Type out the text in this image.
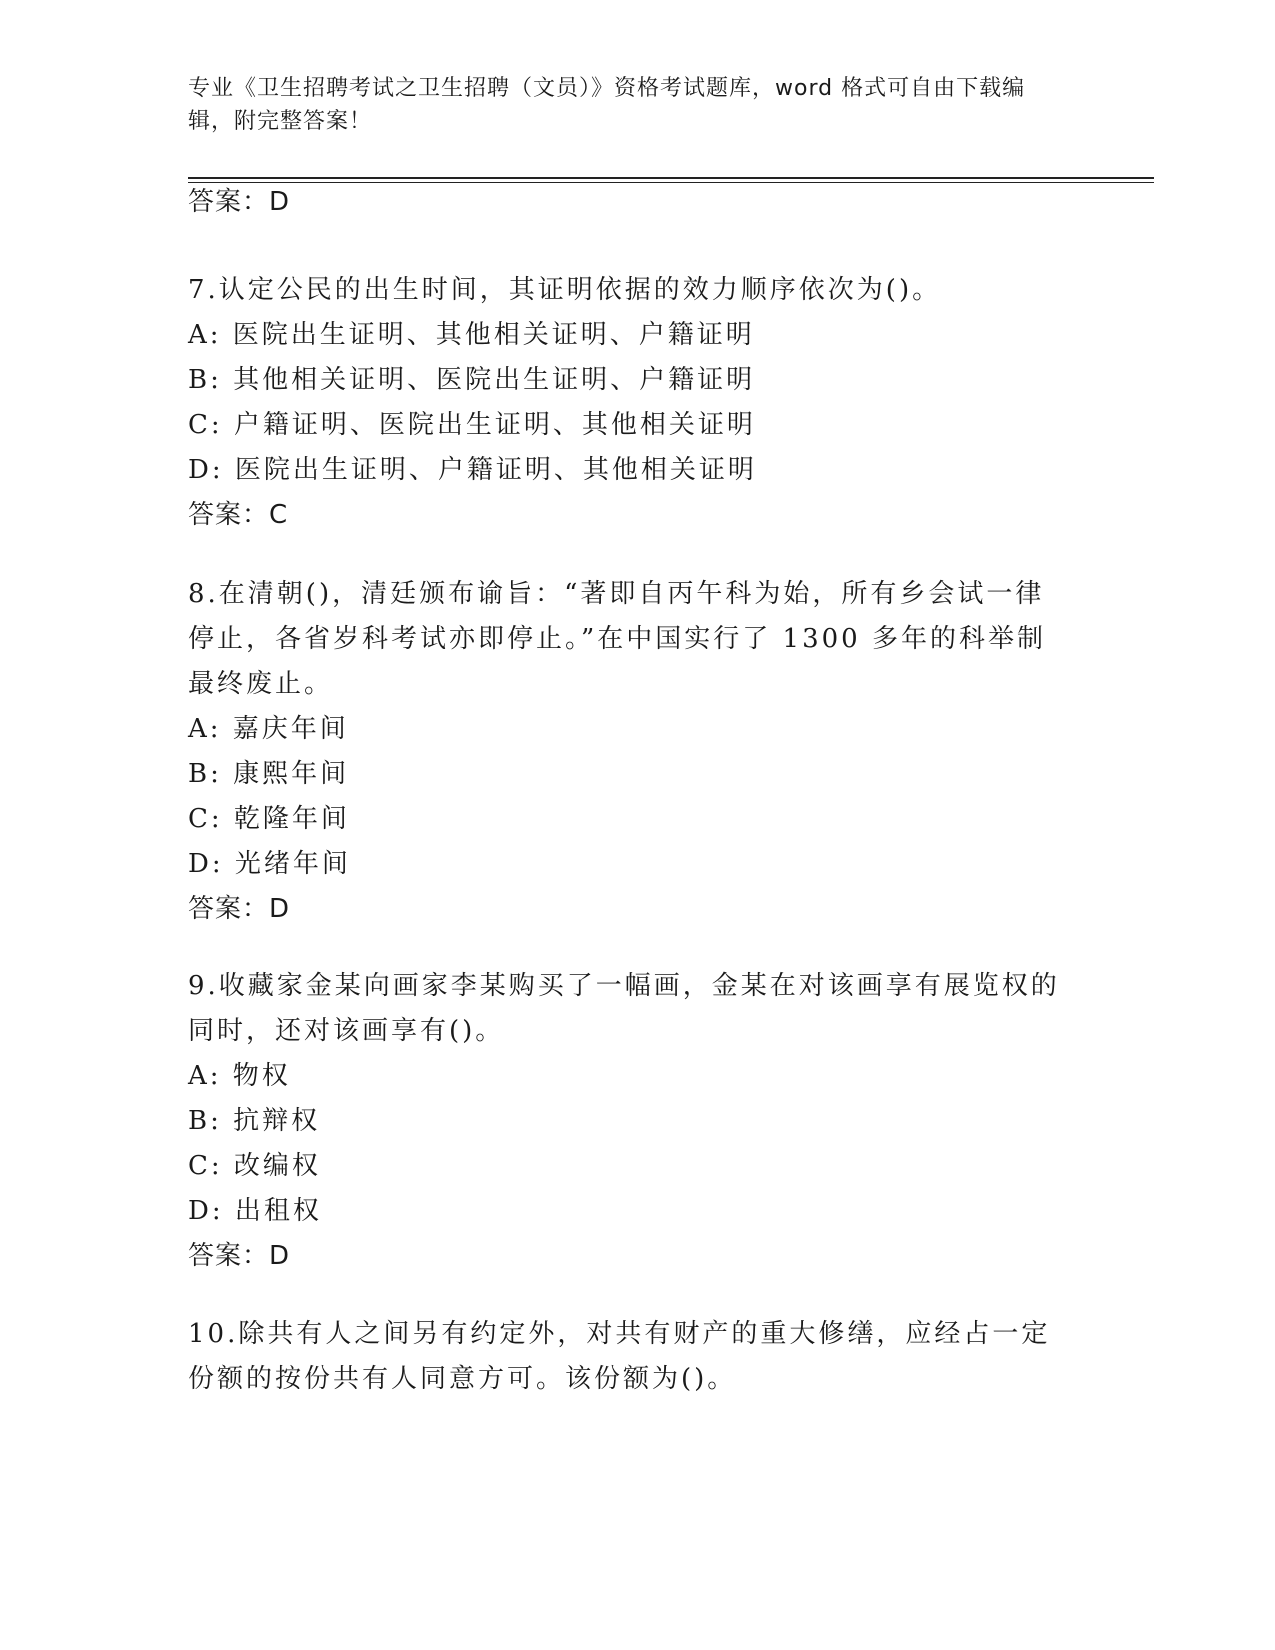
专业《卫生招聘考试之卫生招聘（文员）》资格考试题库，word 格式可自由下载编辑，附完整答案！
答案：D
7.认定公民的出生时间，其证明依据的效力顺序依次为()。
A: 医院出生证明、其他相关证明、户籍证明
B: 其他相关证明、医院出生证明、户籍证明
C: 户籍证明、医院出生证明、其他相关证明
D: 医院出生证明、户籍证明、其他相关证明
答案：C
8.在清朝()，清廷颁布谕旨：“著即自丙午科为始，所有乡会试一律停止，各省岁科考试亦即停止。”在中国实行了 1300 多年的科举制最终废止。
A: 嘉庆年间
B: 康熙年间
C: 乾隆年间
D: 光绪年间
答案：D
9.收藏家金某向画家李某购买了一幅画，金某在对该画享有展览权的同时，还对该画享有()。
A: 物权
B: 抗辩权
C: 改编权
D: 出租权
答案：D
10.除共有人之间另有约定外，对共有财产的重大修缮，应经占一定份额的按份共有人同意方可。该份额为()。
